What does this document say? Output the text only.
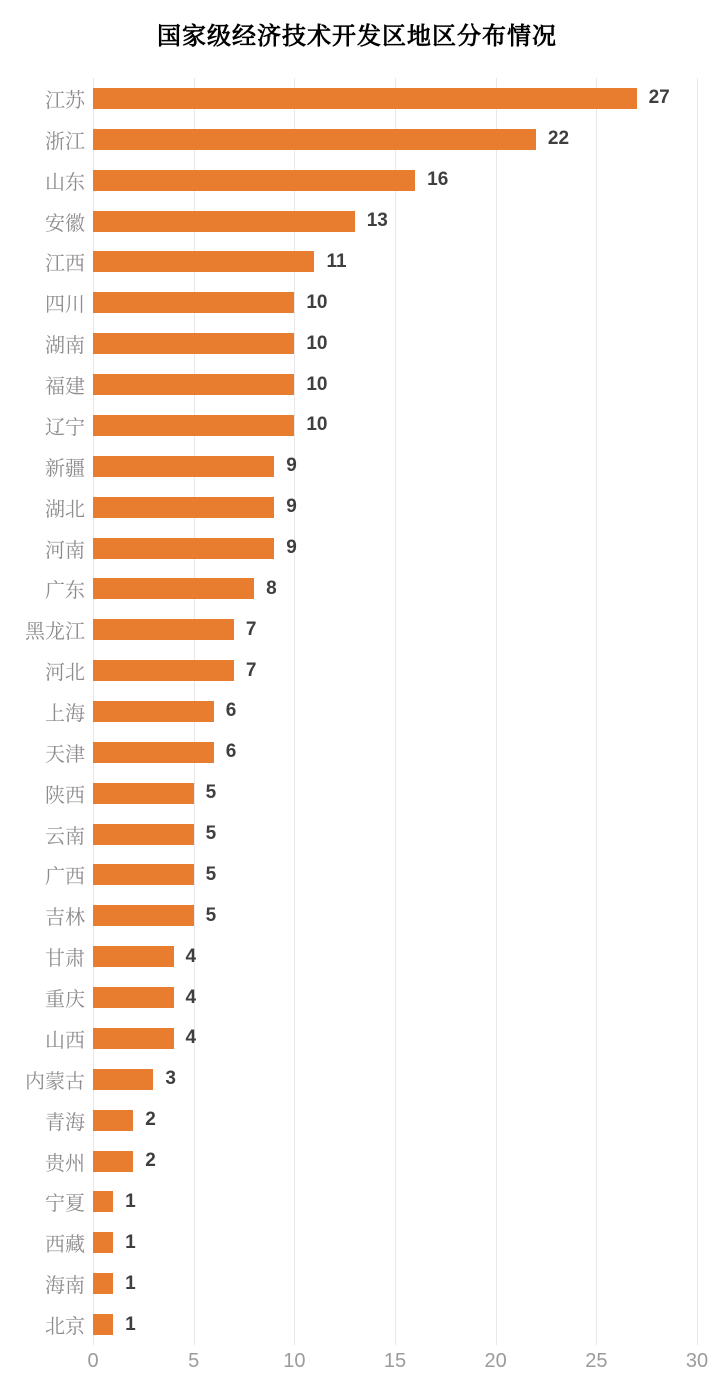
国家级经济技术开发区地区分布情况
江苏	27
浙江	22
山东	16
安徽	13
江西	11
四川	10
湖南	10
福建	10
辽宁	10
新疆	9
湖北	9
河南	9
广东	8
黑龙江	7
河北	7
上海	6
天津	6
陕西	5
云南	5
广西	5
吉林	5
甘肃	4
重庆	4
山西	4
内蒙古	3
青海	2
贵州	2
宁夏 1
西藏 1
海南 1
北京 1
0	5	10	15	20	25	30
